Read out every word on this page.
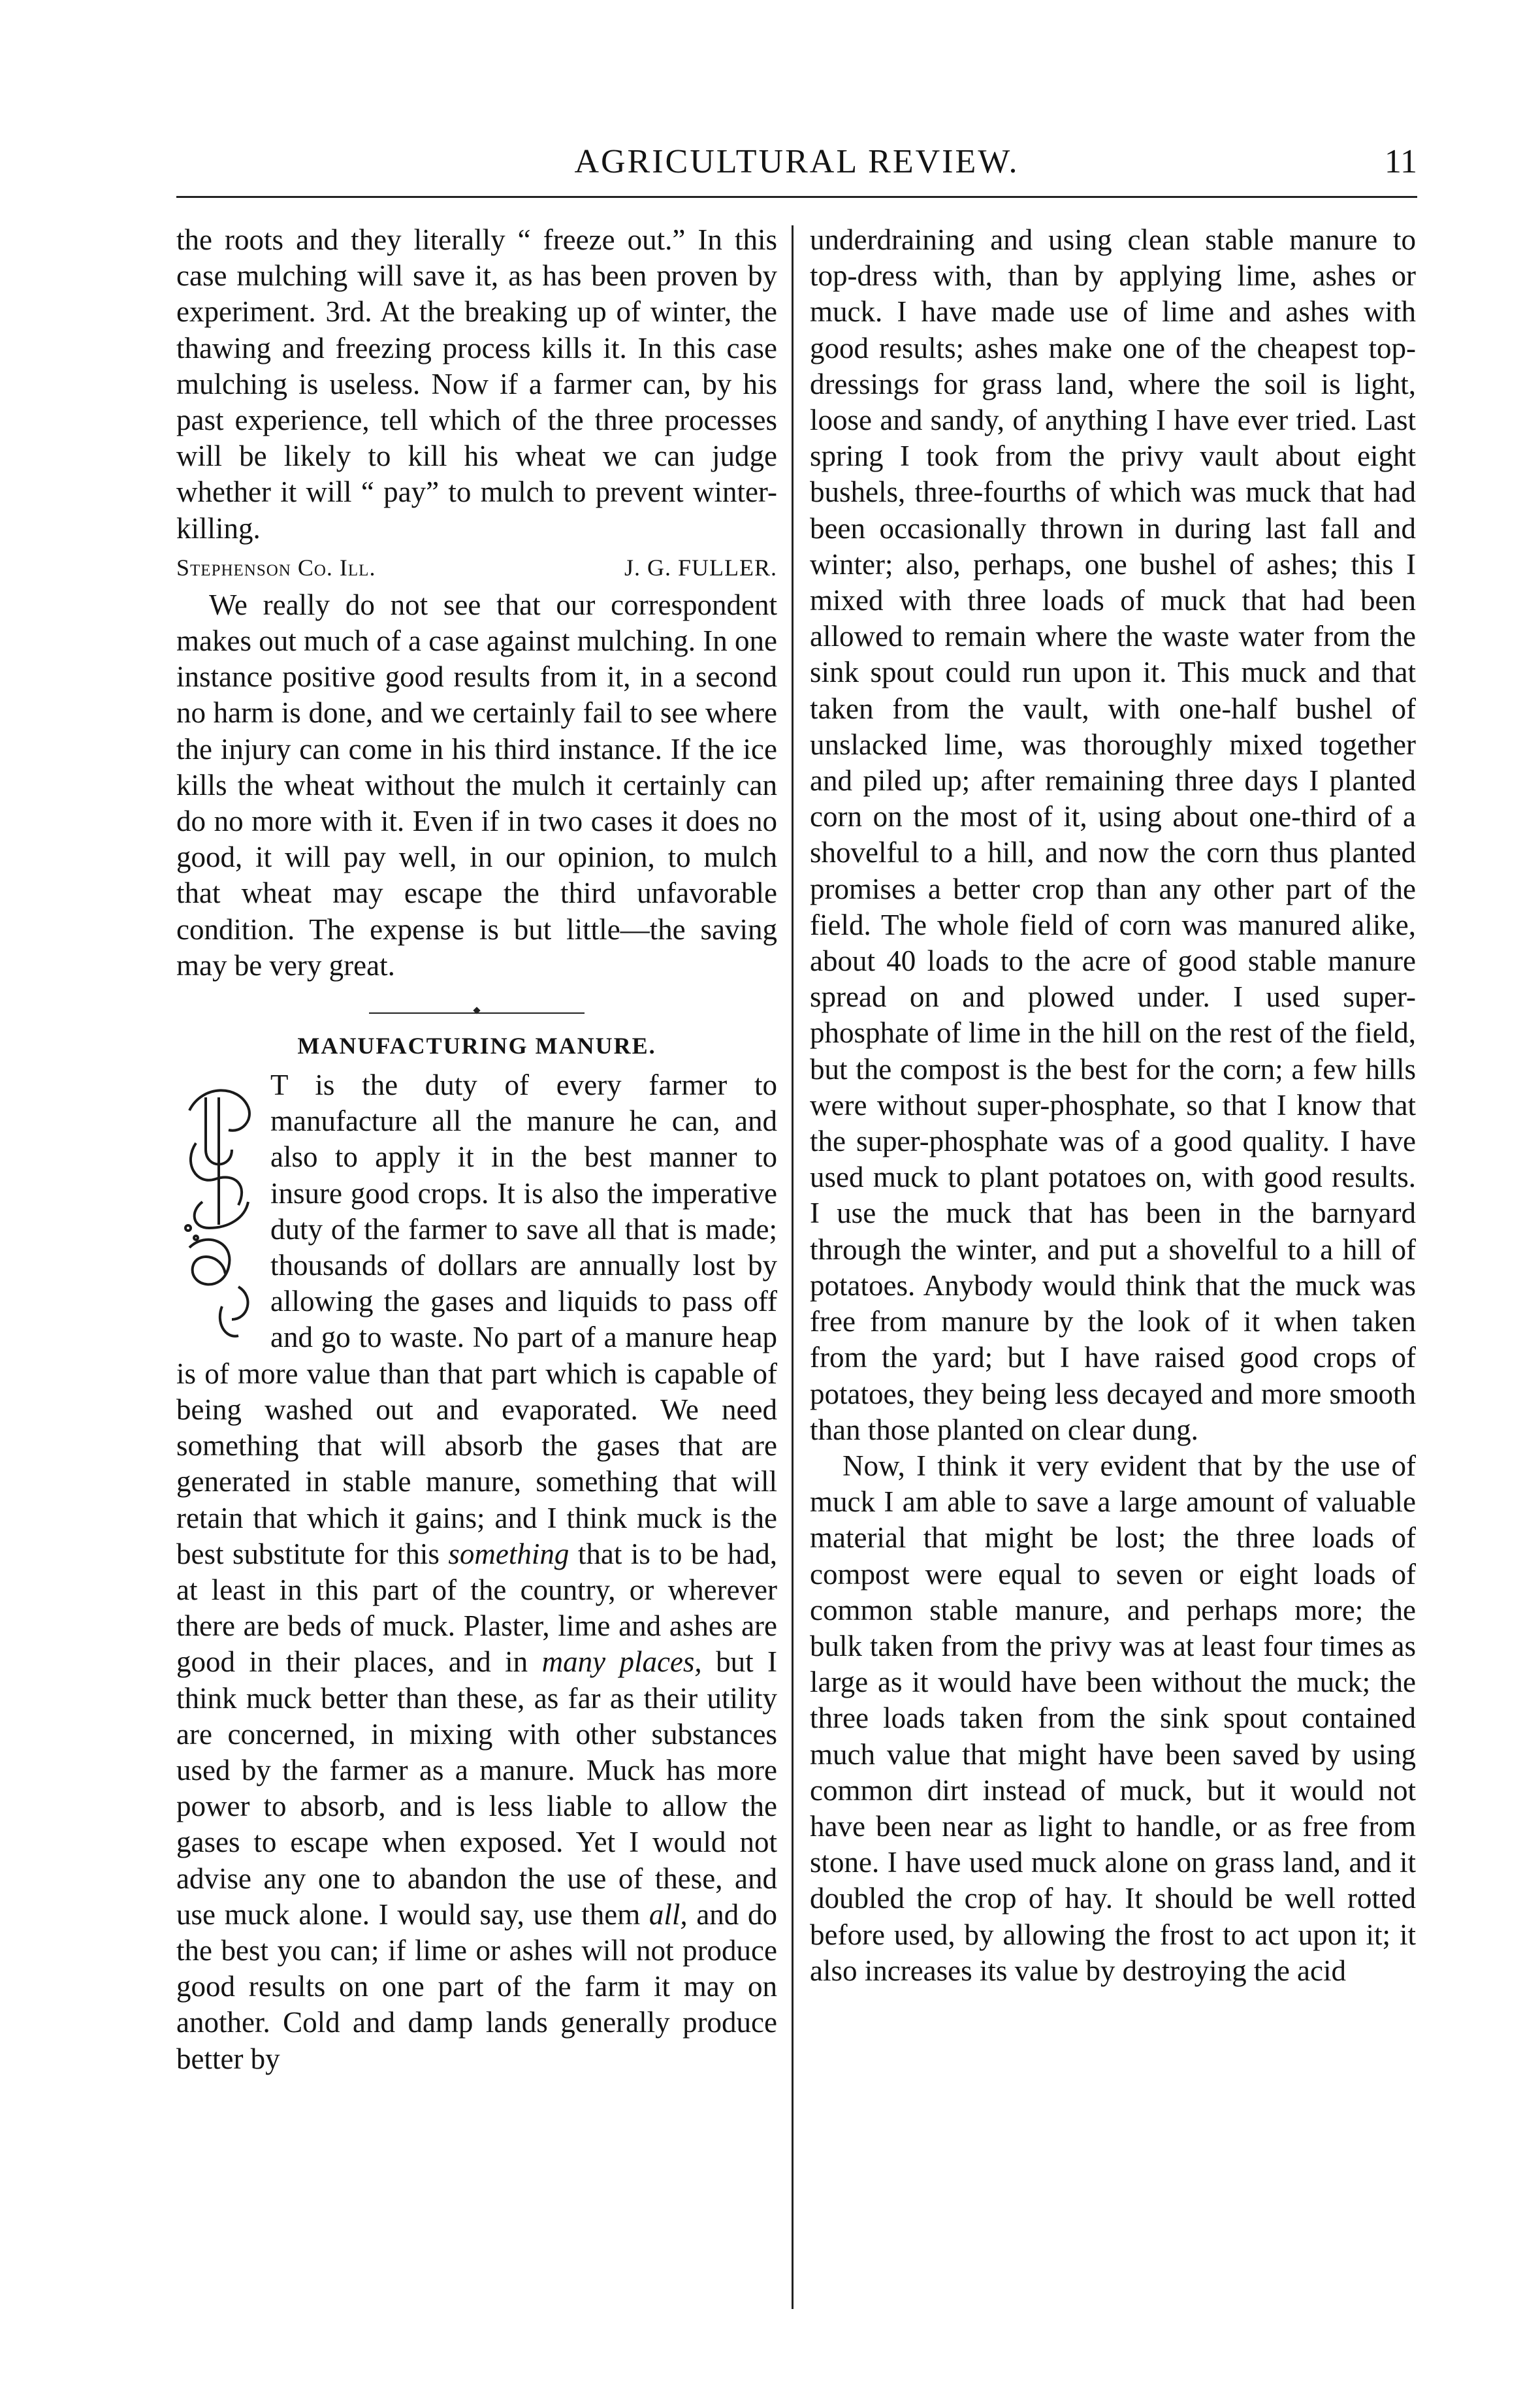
AGRICULTURAL REVIEW.	11

the roots and they literally “ freeze out.” In this case mulching will save it, as has been proven by experiment. 3rd. At the breaking up of winter, the thawing and freezing process kills it. In this case mulching is useless. Now if a farmer can, by his past experience, tell which of the three processes will be likely to kill his wheat we can judge whether it will “ pay” to mulch to prevent winter-killing.

Stephenson Co. Ill.	J. G. FULLER.

We really do not see that our correspondent makes out much of a case against mulching. In one instance positive good results from it, in a second no harm is done, and we certainly fail to see where the injury can come in his third instance. If the ice kills the wheat without the mulch it certainly can do no more with it. Even if in two cases it does no good, it will pay well, in our opinion, to mulch that wheat may escape the third unfavorable condition. The expense is but little—the saving may be very great.

MANUFACTURING MANURE.

T is the duty of every farmer to manufacture all the manure he can, and also to apply it in the best manner to insure good crops. It is also the imperative duty of the farmer to save all that is made; thousands of dollars are annually lost by allowing the gases and liquids to pass off and go to waste. No part of a manure heap is of more value than that part which is capable of being washed out and evaporated. We need something that will absorb the gases that are generated in stable manure, something that will retain that which it gains; and I think muck is the best substitute for this something that is to be had, at least in this part of the country, or wherever there are beds of muck. Plaster, lime and ashes are good in their places, and in many places, but I think muck better than these, as far as their utility are concerned, in mixing with other substances used by the farmer as a manure. Muck has more power to absorb, and is less liable to allow the gases to escape when exposed. Yet I would not advise any one to abandon the use of these, and use muck alone. I would say, use them all, and do the best you can; if lime or ashes will not produce good results on one part of the farm it may on another. Cold and damp lands generally produce better by

underdraining and using clean stable manure to top-dress with, than by applying lime, ashes or muck. I have made use of lime and ashes with good results; ashes make one of the cheapest top-dressings for grass land, where the soil is light, loose and sandy, of anything I have ever tried. Last spring I took from the privy vault about eight bushels, three-fourths of which was muck that had been occasionally thrown in during last fall and winter; also, perhaps, one bushel of ashes; this I mixed with three loads of muck that had been allowed to remain where the waste water from the sink spout could run upon it. This muck and that taken from the vault, with one-half bushel of unslacked lime, was thoroughly mixed together and piled up; after remaining three days I planted corn on the most of it, using about one-third of a shovelful to a hill, and now the corn thus planted promises a better crop than any other part of the field. The whole field of corn was manured alike, about 40 loads to the acre of good stable manure spread on and plowed under. I used super-phosphate of lime in the hill on the rest of the field, but the compost is the best for the corn; a few hills were without super-phosphate, so that I know that the super-phosphate was of a good quality. I have used muck to plant potatoes on, with good results. I use the muck that has been in the barnyard through the winter, and put a shovelful to a hill of potatoes. Anybody would think that the muck was free from manure by the look of it when taken from the yard; but I have raised good crops of potatoes, they being less decayed and more smooth than those planted on clear dung.

Now, I think it very evident that by the use of muck I am able to save a large amount of valuable material that might be lost; the three loads of compost were equal to seven or eight loads of common stable manure, and perhaps more; the bulk taken from the privy was at least four times as large as it would have been without the muck; the three loads taken from the sink spout contained much value that might have been saved by using common dirt instead of muck, but it would not have been near as light to handle, or as free from stone. I have used muck alone on grass land, and it doubled the crop of hay. It should be well rotted before used, by allowing the frost to act upon it; it also increases its value by destroying the acid
